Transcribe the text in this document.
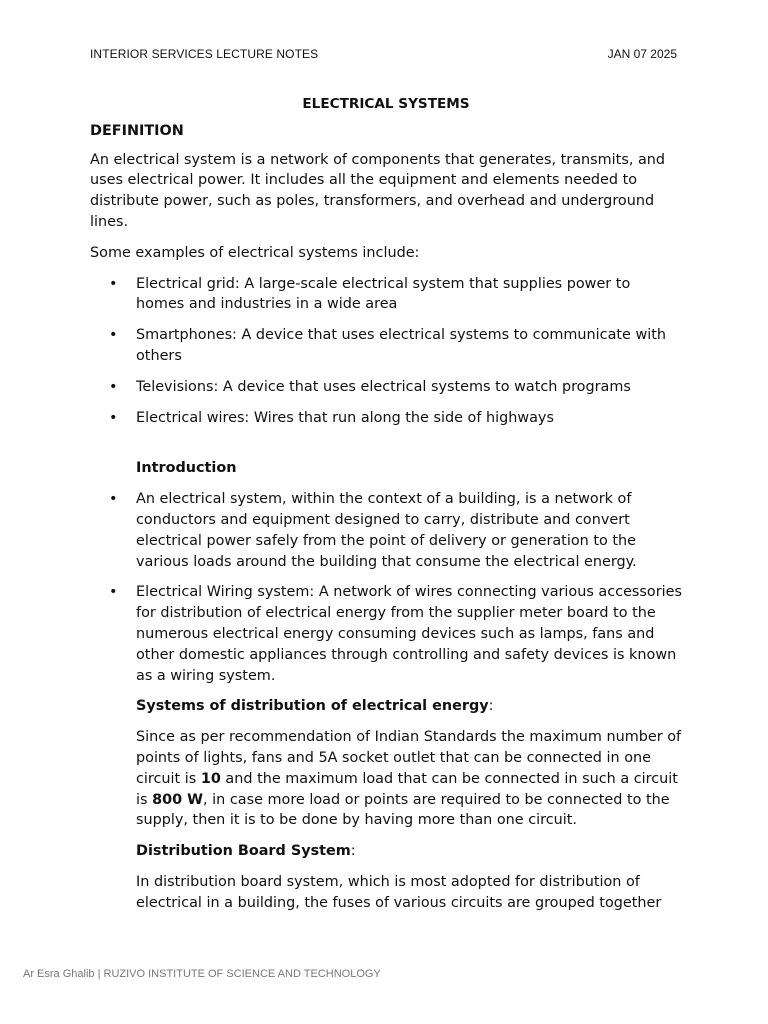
INTERIOR SERVICES LECTURE NOTES	JAN 07 2025
ELECTRICAL SYSTEMS
DEFINITION

An electrical system is a network of components that generates, transmits, and uses electrical power. It includes all the equipment and elements needed to distribute power, such as poles, transformers, and overhead and underground lines.

Some examples of electrical systems include:

• Electrical grid: A large-scale electrical system that supplies power to homes and industries in a wide area
• Smartphones: A device that uses electrical systems to communicate with others
• Televisions: A device that uses electrical systems to watch programs
• Electrical wires: Wires that run along the side of highways

Introduction

• An electrical system, within the context of a building, is a network of conductors and equipment designed to carry, distribute and convert electrical power safely from the point of delivery or generation to the various loads around the building that consume the electrical energy.
• Electrical Wiring system: A network of wires connecting various accessories for distribution of electrical energy from the supplier meter board to the numerous electrical energy consuming devices such as lamps, fans and other domestic appliances through controlling and safety devices is known as a wiring system.

Systems of distribution of electrical energy:

Since as per recommendation of Indian Standards the maximum number of points of lights, fans and 5A socket outlet that can be connected in one circuit is 10 and the maximum load that can be connected in such a circuit is 800 W, in case more load or points are required to be connected to the supply, then it is to be done by having more than one circuit.

Distribution Board System:

In distribution board system, which is most adopted for distribution of electrical in a building, the fuses of various circuits are grouped together

Ar Esra Ghalib | RUZIVO INSTITUTE OF SCIENCE AND TECHNOLOGY
